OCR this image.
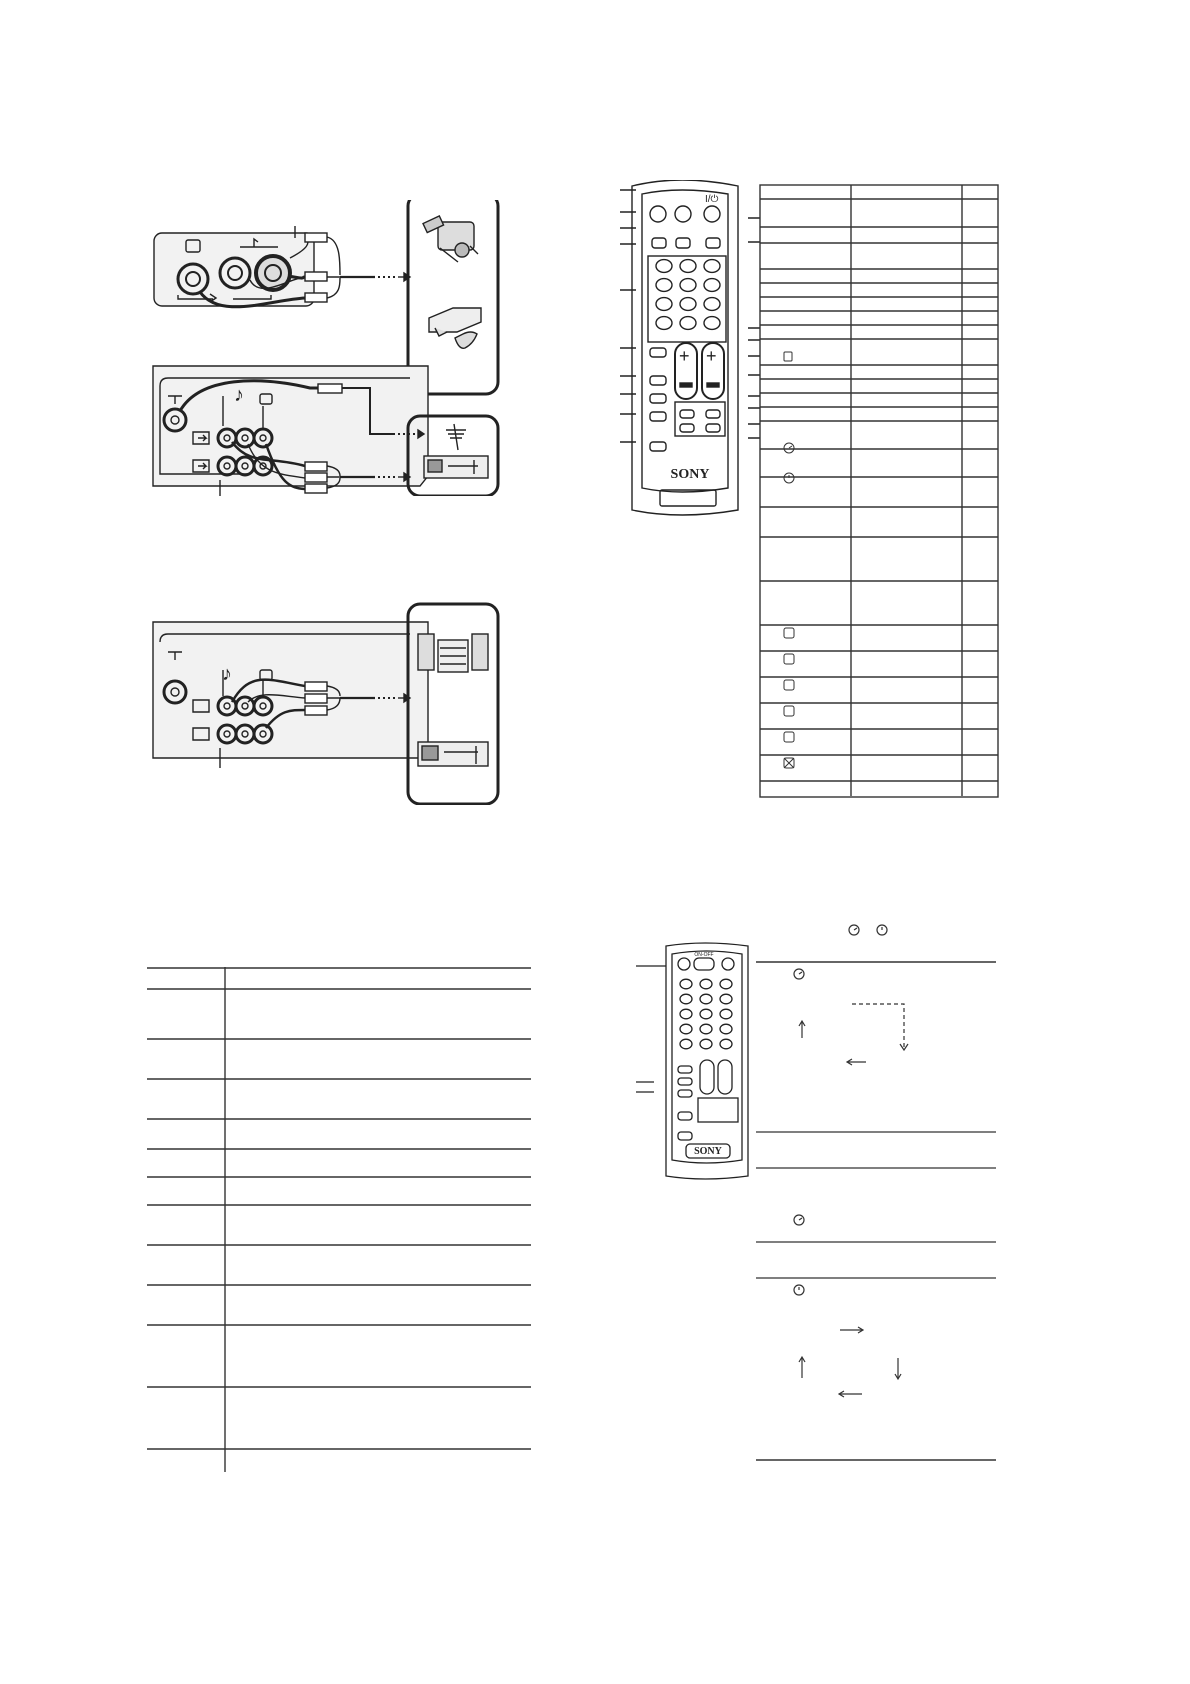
♪
♪
I/⏻
+ +
SONY
ON-OFF
SONY
